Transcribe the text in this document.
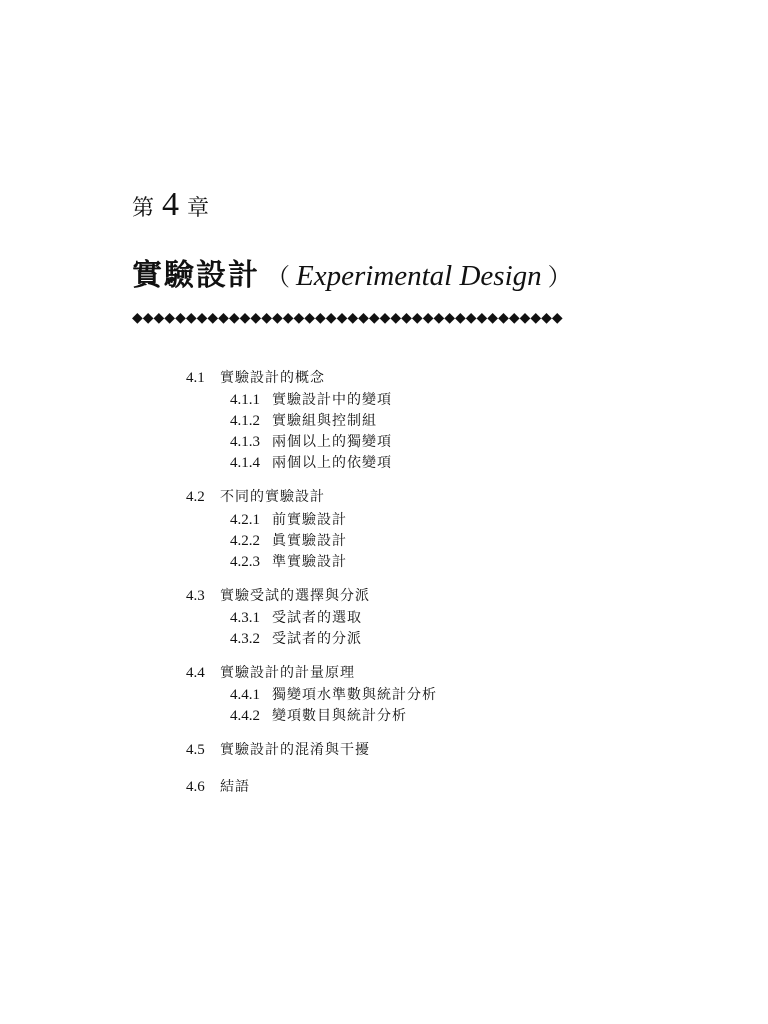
第 4 章
實驗設計 （ Experimental Design ）
◆◆◆◆◆◆◆◆◆◆◆◆◆◆◆◆◆◆◆◆◆◆◆◆◆◆◆◆◆◆◆◆◆◆◆◆◆◆◆◆
4.1	實驗設計的概念
4.1.1 實驗設計中的變項
4.1.2 實驗組與控制組
4.1.3 兩個以上的獨變項
4.1.4 兩個以上的依變項
4.2	不同的實驗設計
4.2.1 前實驗設計
4.2.2 眞實驗設計
4.2.3 準實驗設計
4.3	實驗受試的選擇與分派
4.3.1 受試者的選取
4.3.2 受試者的分派
4.4	實驗設計的計量原理
4.4.1 獨變項水準數與統計分析
4.4.2 變項數目與統計分析
4.5	實驗設計的混淆與干擾
4.6	結語
